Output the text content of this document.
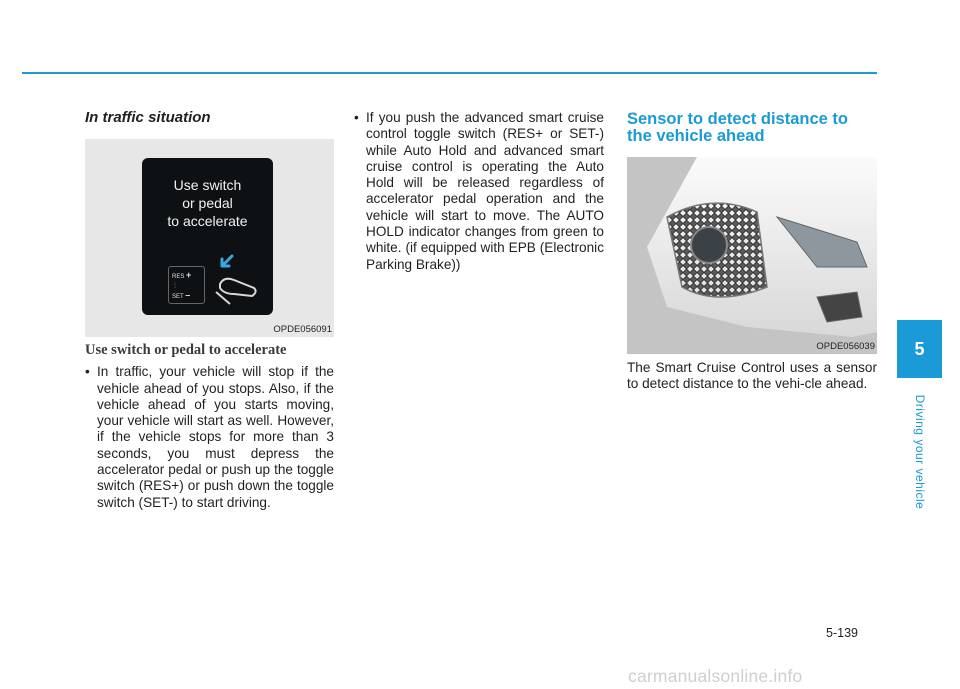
In traffic situation
Use switch
or pedal
to accelerate
RES +
⋮
SET –
OPDE056091
Use switch or pedal to accelerate

• In traffic, your vehicle will stop if the vehicle ahead of you stops. Also, if the vehicle ahead of you starts moving, your vehicle will start as well. However, if the vehicle stops for more than 3 seconds, you must depress the accelerator pedal or push up the toggle switch (RES+) or push down the toggle switch (SET-) to start driving.

• If you push the advanced smart cruise control toggle switch (RES+ or SET-) while Auto Hold and advanced smart cruise control is operating the Auto Hold will be released regardless of accelerator pedal operation and the vehicle will start to move. The AUTO HOLD indicator changes from green to white. (if equipped with EPB (Electronic Parking Brake))

Sensor to detect distance to the vehicle ahead
OPDE056039

The Smart Cruise Control uses a sensor to detect distance to the vehi-cle ahead.

5
Driving your vehicle
5-139
carmanualsonline.info
